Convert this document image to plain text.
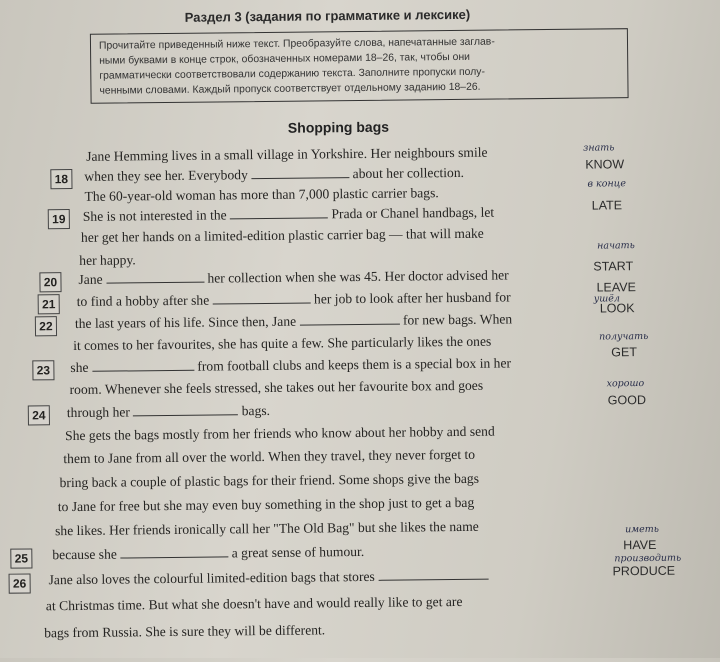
Раздел 3 (задания по грамматике и лексике)
Прочитайте приведенный ниже текст. Преобразуйте слова, напечатанные заглав-
ными буквами в конце строк, обозначенных номерами 18–26, так, чтобы они
грамматически соответствовали содержанию текста. Заполните пропуски полу-
ченными словами. Каждый пропуск соответствует отдельному заданию 18–26.
Shopping bags
Jane Hemming lives in a small village in Yorkshire. Her neighbours smile
18	when they see her. Everybody	about her collection.
The 60-year-old woman has more than 7,000 plastic carrier bags.
19	She is not interested in the	Prada or Chanel handbags, let
her get her hands on a limited-edition plastic carrier bag — that will make
her happy.
20	Jane	her collection when she was 45. Her doctor advised her
21	to find a hobby after she	her job to look after her husband for
22	the last years of his life. Since then, Jane	for new bags. When
it comes to her favourites, she has quite a few. She particularly likes the ones
23	she	from football clubs and keeps them is a special box in her
room. Whenever she feels stressed, she takes out her favourite box and goes
24	through her	bags.
She gets the bags mostly from her friends who know about her hobby and send
them to Jane from all over the world. When they travel, they never forget to
bring back a couple of plastic bags for their friend. Some shops give the bags
to Jane for free but she may even buy something in the shop just to get a bag
she likes. Her friends ironically call her "The Old Bag" but she likes the name
25	because she	a great sense of humour.
26	Jane also loves the colourful limited-edition bags that stores
at Christmas time. But what she doesn't have and would really like to get are
bags from Russia. She is sure they will be different.
KNOW
LATE
START
LEAVE
LOOK
GET
GOOD
HAVE
PRODUCE
знать
в конце
начать
ушёл
получать
хорошо
иметь
производить
